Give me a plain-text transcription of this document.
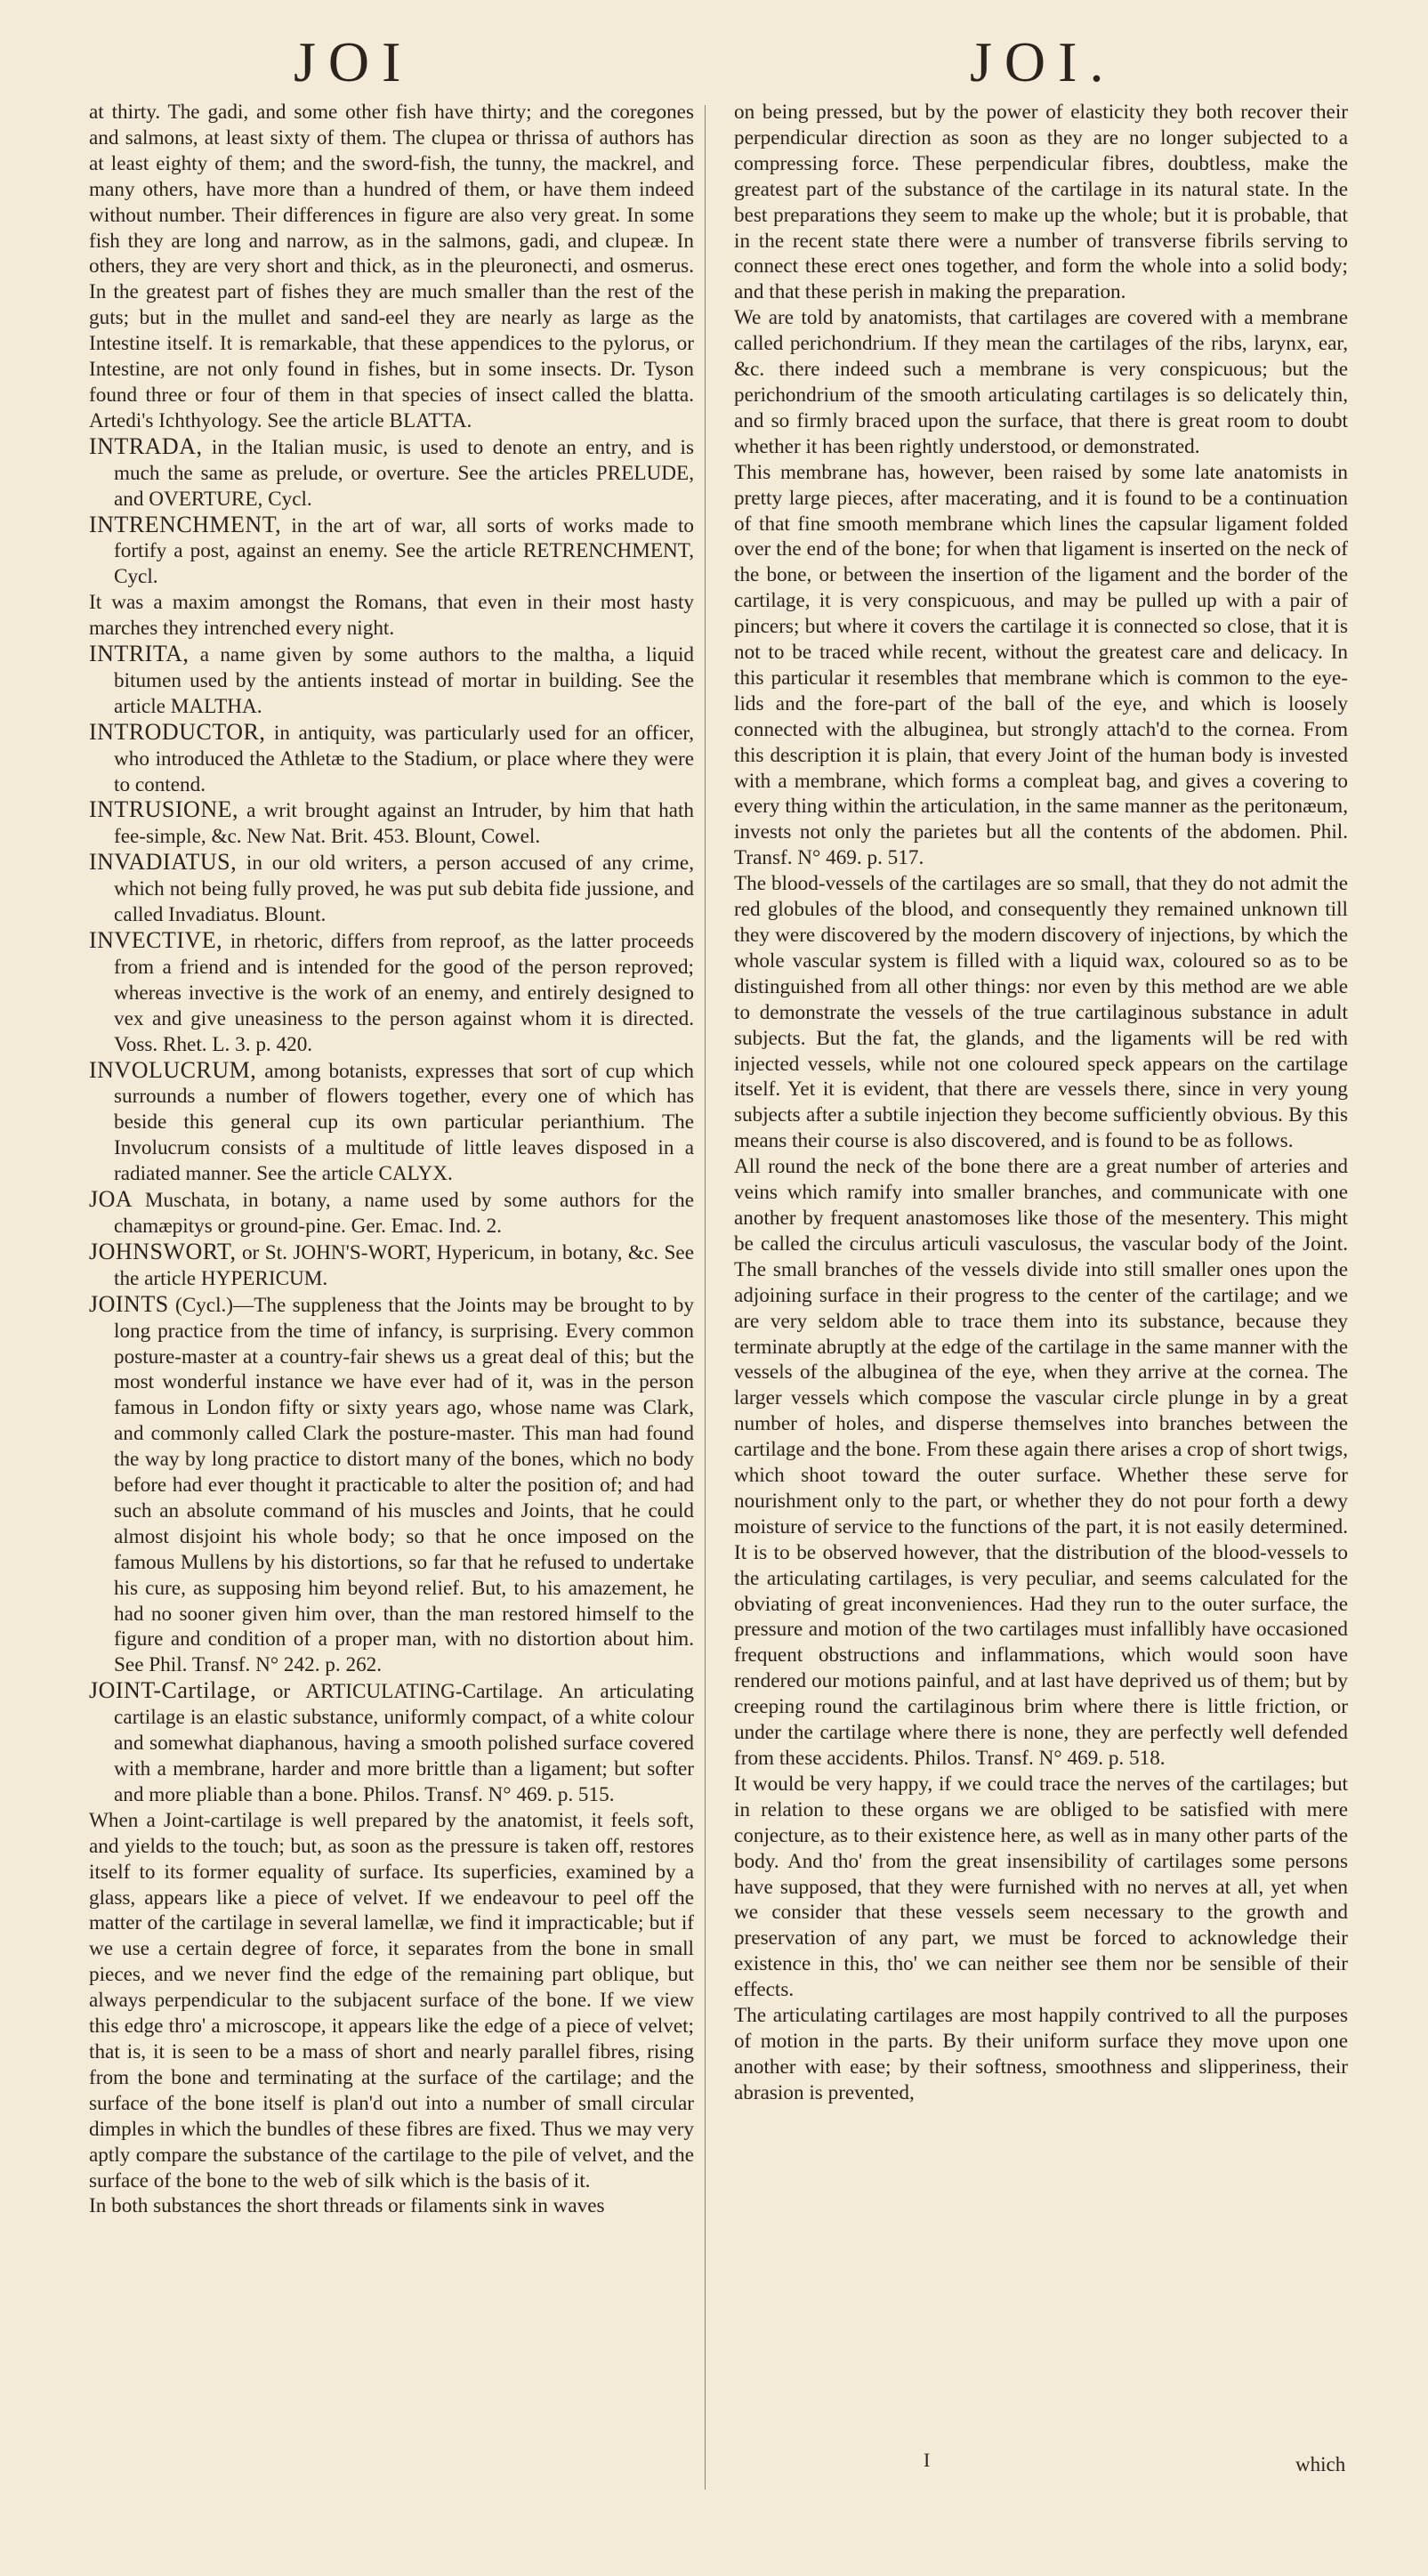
JOI	JOI.

at thirty. The gadi, and some other fish have thirty; and the coregones and salmons, at least sixty of them. The clupea or thrissa of authors has at least eighty of them; and the sword-fish, the tunny, the mackrel, and many others, have more than a hundred of them, or have them indeed without number. Their differences in figure are also very great. In some fish they are long and narrow, as in the salmons, gadi, and clupeæ. In others, they are very short and thick, as in the pleuronecti, and osmerus. In the greatest part of fishes they are much smaller than the rest of the guts; but in the mullet and sand-eel they are nearly as large as the Intestine itself. It is remarkable, that these appendices to the pylorus, or Intestine, are not only found in fishes, but in some insects. Dr. Tyson found three or four of them in that species of insect called the blatta. Artedi's Ichthyology. See the article BLATTA.

INTRADA, in the Italian music, is used to denote an entry, and is much the same as prelude, or overture. See the articles PRELUDE, and OVERTURE, Cycl.

INTRENCHMENT, in the art of war, all sorts of works made to fortify a post, against an enemy. See the article RETRENCHMENT, Cycl.

It was a maxim amongst the Romans, that even in their most hasty marches they intrenched every night.

INTRITA, a name given by some authors to the maltha, a liquid bitumen used by the antients instead of mortar in building. See the article MALTHA.

INTRODUCTOR, in antiquity, was particularly used for an officer, who introduced the Athletæ to the Stadium, or place where they were to contend.

INTRUSIONE, a writ brought against an Intruder, by him that hath fee-simple, &c. New Nat. Brit. 453. Blount, Cowel.

INVADIATUS, in our old writers, a person accused of any crime, which not being fully proved, he was put sub debita fide jussione, and called Invadiatus. Blount.

INVECTIVE, in rhetoric, differs from reproof, as the latter proceeds from a friend and is intended for the good of the person reproved; whereas invective is the work of an enemy, and entirely designed to vex and give uneasiness to the person against whom it is directed. Voss. Rhet. L. 3. p. 420.

INVOLUCRUM, among botanists, expresses that sort of cup which surrounds a number of flowers together, every one of which has beside this general cup its own particular perianthium. The Involucrum consists of a multitude of little leaves disposed in a radiated manner. See the article CALYX.

JOA Muschata, in botany, a name used by some authors for the chamæpitys or ground-pine. Ger. Emac. Ind. 2.

JOHNSWORT, or St. JOHN'S-WORT, Hypericum, in botany, &c. See the article HYPERICUM.

JOINTS (Cycl.)—The suppleness that the Joints may be brought to by long practice from the time of infancy, is surprising. Every common posture-master at a country-fair shews us a great deal of this; but the most wonderful instance we have ever had of it, was in the person famous in London fifty or sixty years ago, whose name was Clark, and commonly called Clark the posture-master. This man had found the way by long practice to distort many of the bones, which no body before had ever thought it practicable to alter the position of; and had such an absolute command of his muscles and Joints, that he could almost disjoint his whole body; so that he once imposed on the famous Mullens by his distortions, so far that he refused to undertake his cure, as supposing him beyond relief. But, to his amazement, he had no sooner given him over, than the man restored himself to the figure and condition of a proper man, with no distortion about him. See Phil. Transf. N° 242. p. 262.

JOINT-Cartilage, or ARTICULATING-Cartilage. An articulating cartilage is an elastic substance, uniformly compact, of a white colour and somewhat diaphanous, having a smooth polished surface covered with a membrane, harder and more brittle than a ligament; but softer and more pliable than a bone. Philos. Transf. N° 469. p. 515.

When a Joint-cartilage is well prepared by the anatomist, it feels soft, and yields to the touch; but, as soon as the pressure is taken off, restores itself to its former equality of surface. Its superficies, examined by a glass, appears like a piece of velvet. If we endeavour to peel off the matter of the cartilage in several lamellæ, we find it impracticable; but if we use a certain degree of force, it separates from the bone in small pieces, and we never find the edge of the remaining part oblique, but always perpendicular to the subjacent surface of the bone. If we view this edge thro' a microscope, it appears like the edge of a piece of velvet; that is, it is seen to be a mass of short and nearly parallel fibres, rising from the bone and terminating at the surface of the cartilage; and the surface of the bone itself is plan'd out into a number of small circular dimples in which the bundles of these fibres are fixed. Thus we may very aptly compare the substance of the cartilage to the pile of velvet, and the surface of the bone to the web of silk which is the basis of it.

In both substances the short threads or filaments sink in waves

on being pressed, but by the power of elasticity they both recover their perpendicular direction as soon as they are no longer subjected to a compressing force. These perpendicular fibres, doubtless, make the greatest part of the substance of the cartilage in its natural state. In the best preparations they seem to make up the whole; but it is probable, that in the recent state there were a number of transverse fibrils serving to connect these erect ones together, and form the whole into a solid body; and that these perish in making the preparation.

We are told by anatomists, that cartilages are covered with a membrane called perichondrium. If they mean the cartilages of the ribs, larynx, ear, &c. there indeed such a membrane is very conspicuous; but the perichondrium of the smooth articulating cartilages is so delicately thin, and so firmly braced upon the surface, that there is great room to doubt whether it has been rightly understood, or demonstrated.

This membrane has, however, been raised by some late anatomists in pretty large pieces, after macerating, and it is found to be a continuation of that fine smooth membrane which lines the capsular ligament folded over the end of the bone; for when that ligament is inserted on the neck of the bone, or between the insertion of the ligament and the border of the cartilage, it is very conspicuous, and may be pulled up with a pair of pincers; but where it covers the cartilage it is connected so close, that it is not to be traced while recent, without the greatest care and delicacy. In this particular it resembles that membrane which is common to the eye-lids and the fore-part of the ball of the eye, and which is loosely connected with the albuginea, but strongly attach'd to the cornea. From this description it is plain, that every Joint of the human body is invested with a membrane, which forms a compleat bag, and gives a covering to every thing within the articulation, in the same manner as the peritonæum, invests not only the parietes but all the contents of the abdomen. Phil. Transf. N° 469. p. 517.

The blood-vessels of the cartilages are so small, that they do not admit the red globules of the blood, and consequently they remained unknown till they were discovered by the modern discovery of injections, by which the whole vascular system is filled with a liquid wax, coloured so as to be distinguished from all other things: nor even by this method are we able to demonstrate the vessels of the true cartilaginous substance in adult subjects. But the fat, the glands, and the ligaments will be red with injected vessels, while not one coloured speck appears on the cartilage itself. Yet it is evident, that there are vessels there, since in very young subjects after a subtile injection they become sufficiently obvious. By this means their course is also discovered, and is found to be as follows.

All round the neck of the bone there are a great number of arteries and veins which ramify into smaller branches, and communicate with one another by frequent anastomoses like those of the mesentery. This might be called the circulus articuli vasculosus, the vascular body of the Joint. The small branches of the vessels divide into still smaller ones upon the adjoining surface in their progress to the center of the cartilage; and we are very seldom able to trace them into its substance, because they terminate abruptly at the edge of the cartilage in the same manner with the vessels of the albuginea of the eye, when they arrive at the cornea. The larger vessels which compose the vascular circle plunge in by a great number of holes, and disperse themselves into branches between the cartilage and the bone. From these again there arises a crop of short twigs, which shoot toward the outer surface. Whether these serve for nourishment only to the part, or whether they do not pour forth a dewy moisture of service to the functions of the part, it is not easily determined. It is to be observed however, that the distribution of the blood-vessels to the articulating cartilages, is very peculiar, and seems calculated for the obviating of great inconveniences. Had they run to the outer surface, the pressure and motion of the two cartilages must infallibly have occasioned frequent obstructions and inflammations, which would soon have rendered our motions painful, and at last have deprived us of them; but by creeping round the cartilaginous brim where there is little friction, or under the cartilage where there is none, they are perfectly well defended from these accidents. Philos. Transf. N° 469. p. 518.

It would be very happy, if we could trace the nerves of the cartilages; but in relation to these organs we are obliged to be satisfied with mere conjecture, as to their existence here, as well as in many other parts of the body. And tho' from the great insensibility of cartilages some persons have supposed, that they were furnished with no nerves at all, yet when we consider that these vessels seem necessary to the growth and preservation of any part, we must be forced to acknowledge their existence in this, tho' we can neither see them nor be sensible of their effects.

The articulating cartilages are most happily contrived to all the purposes of motion in the parts. By their uniform surface they move upon one another with ease; by their softness, smoothness and slipperiness, their abrasion is prevented,

I	which
